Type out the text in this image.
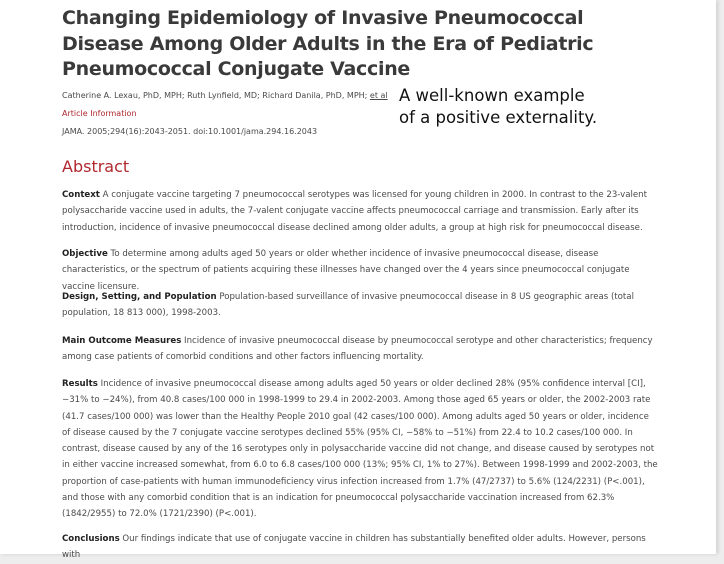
Changing Epidemiology of Invasive Pneumococcal Disease Among Older Adults in the Era of Pediatric Pneumococcal Conjugate Vaccine
Catherine A. Lexau, PhD, MPH; Ruth Lynfield, MD; Richard Danila, PhD, MPH; et al
Article Information
JAMA. 2005;294(16):2043-2051. doi:10.1001/jama.294.16.2043

A well-known example
of a positive externality.

Abstract

Context A conjugate vaccine targeting 7 pneumococcal serotypes was licensed for young children in 2000. In contrast to the 23-valent polysaccharide vaccine used in adults, the 7-valent conjugate vaccine affects pneumococcal carriage and transmission. Early after its introduction, incidence of invasive pneumococcal disease declined among older adults, a group at high risk for pneumococcal disease.

Objective To determine among adults aged 50 years or older whether incidence of invasive pneumococcal disease, disease characteristics, or the spectrum of patients acquiring these illnesses have changed over the 4 years since pneumococcal conjugate vaccine licensure.

Design, Setting, and Population Population-based surveillance of invasive pneumococcal disease in 8 US geographic areas (total population, 18 813 000), 1998-2003.

Main Outcome Measures Incidence of invasive pneumococcal disease by pneumococcal serotype and other characteristics; frequency among case patients of comorbid conditions and other factors influencing mortality.

Results Incidence of invasive pneumococcal disease among adults aged 50 years or older declined 28% (95% confidence interval [CI], −31% to −24%), from 40.8 cases/100 000 in 1998-1999 to 29.4 in 2002-2003. Among those aged 65 years or older, the 2002-2003 rate (41.7 cases/100 000) was lower than the Healthy People 2010 goal (42 cases/100 000). Among adults aged 50 years or older, incidence of disease caused by the 7 conjugate vaccine serotypes declined 55% (95% CI, −58% to −51%) from 22.4 to 10.2 cases/100 000. In contrast, disease caused by any of the 16 serotypes only in polysaccharide vaccine did not change, and disease caused by serotypes not in either vaccine increased somewhat, from 6.0 to 6.8 cases/100 000 (13%; 95% CI, 1% to 27%). Between 1998-1999 and 2002-2003, the proportion of case-patients with human immunodeficiency virus infection increased from 1.7% (47/2737) to 5.6% (124/2231) (P<.001), and those with any comorbid condition that is an indication for pneumococcal polysaccharide vaccination increased from 62.3% (1842/2955) to 72.0% (1721/2390) (P<.001).

Conclusions Our findings indicate that use of conjugate vaccine in children has substantially benefited older adults. However, persons with
